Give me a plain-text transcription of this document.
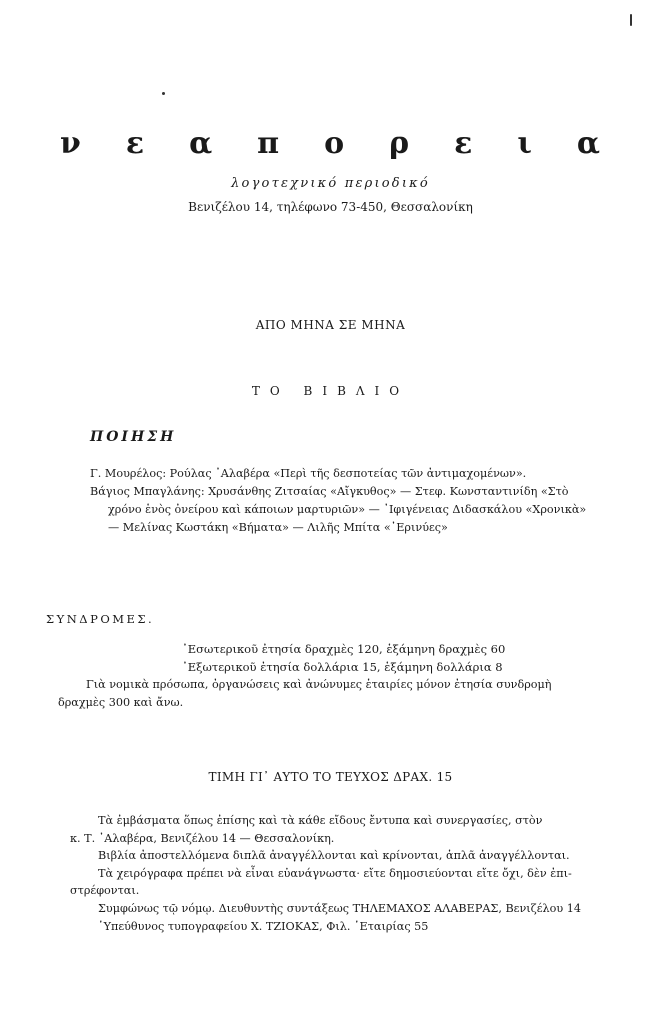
ν ε α π ο ρ ε ι α
λογοτεχνικό περιοδικό
Βενιζέλου 14, τηλέφωνο 73-450, Θεσσαλονίκη
ΑΠΟ ΜΗΝΑ ΣΕ ΜΗΝΑ
ΤΟ ΒΙΒΛΙΟ
ΠΟΙΗΣΗ

Γ. Μουρέλος: Ρούλας ᾽Αλαβέρα «Περὶ τῆς δεσποτείας τῶν ἀντιμαχομένων».

Βάγιος Μπαγλάνης: Χρυσάνθης Ζιτσαίας «Αἴγκυθος» — Στεφ. Κωνσταντινίδη «Στὸ

χρόνο ἑνὸς ὀνείρου καὶ κάποιων μαρτυριῶν» — ᾽Ιφιγένειας Διδασκάλου «Χρονικὰ»

— Μελίνας Κωστάκη «Βήματα» — Λιλῆς Μπίτα «᾽Ερινύες»

ΣΥΝΔΡΟΜΕΣ.
᾽Εσωτερικοῦ ἐτησία δραχμὲς 120, ἑξάμηνη δραχμὲς 60
᾽Εξωτερικοῦ ἐτησία δολλάρια 15, ἑξάμηνη δολλάρια 8

Γιὰ νομικὰ πρόσωπα, ὀργανώσεις καὶ ἀνώνυμες ἑταιρίες μόνον ἐτησία συνδρομὴ

δραχμὲς 300 καὶ ἄνω.

ΤΙΜΗ ΓΙ᾽ ΑΥΤΟ ΤΟ ΤΕΥΧΟΣ ΔΡΑΧ. 15

Τὰ ἐμβάσματα ὅπως ἐπίσης καὶ τὰ κάθε εἴδους ἔντυπα καὶ συνεργασίες, στὸν

κ. Τ. ᾽Αλαβέρα, Βενιζέλου 14 — Θεσσαλονίκη.

Βιβλία ἀποστελλόμενα διπλᾶ ἀναγγέλλονται καὶ κρίνονται, ἁπλᾶ ἀναγγέλλονται.

Τὰ χειρόγραφα πρέπει νὰ εἶναι εὐανάγνωστα· εἴτε δημοσιεύονται εἴτε ὄχι, δὲν ἐπι-

στρέφονται.

Συμφώνως τῷ νόμῳ. Διευθυντὴς συντάξεως ΤΗΛΕΜΑΧΟΣ ΑΛΑΒΕΡΑΣ, Βενιζέλου 14

῾Υπεύθυνος τυπογραφείου Χ. ΤΖΙΟΚΑΣ, Φιλ. ῾Εταιρίας 55
